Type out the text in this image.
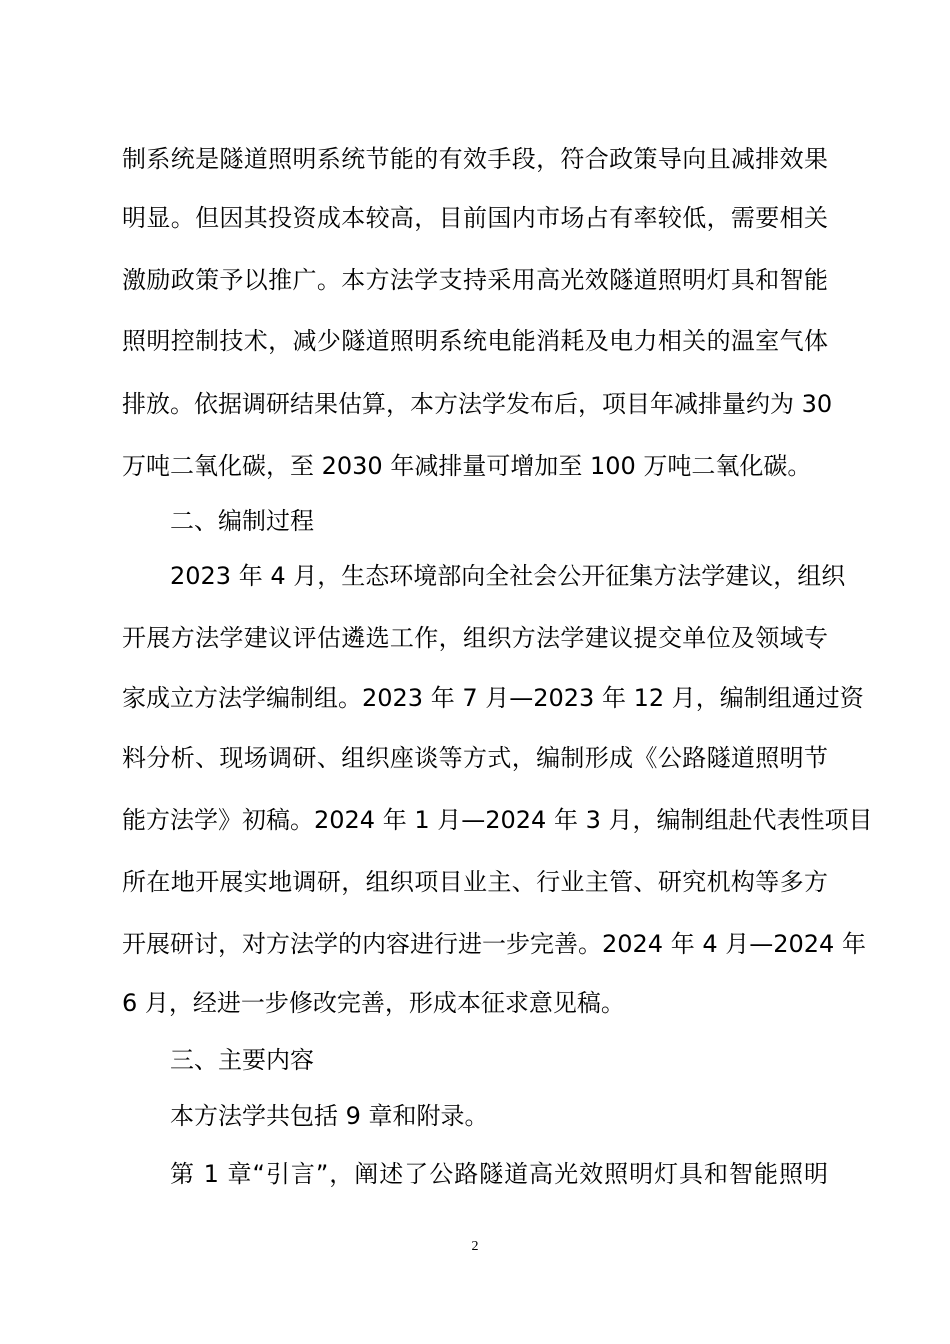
制系统是隧道照明系统节能的有效手段，符合政策导向且减排效果
明显。但因其投资成本较高，目前国内市场占有率较低，需要相关
激励政策予以推广。本方法学支持采用高光效隧道照明灯具和智能
照明控制技术，减少隧道照明系统电能消耗及电力相关的温室气体
排放。依据调研结果估算，本方法学发布后，项目年减排量约为 30
万吨二氧化碳，至 2030 年减排量可增加至 100 万吨二氧化碳。
二、编制过程
2023 年 4 月，生态环境部向全社会公开征集方法学建议，组织
开展方法学建议评估遴选工作，组织方法学建议提交单位及领域专
家成立方法学编制组。2023 年 7 月—2023 年 12 月，编制组通过资
料分析、现场调研、组织座谈等方式，编制形成《公路隧道照明节
能方法学》初稿。2024 年 1 月—2024 年 3 月，编制组赴代表性项目
所在地开展实地调研，组织项目业主、行业主管、研究机构等多方
开展研讨，对方法学的内容进行进一步完善。2024 年 4 月—2024 年
6 月，经进一步修改完善，形成本征求意见稿。
三、主要内容
本方法学共包括 9 章和附录。
第 1 章“引言”，阐述了公路隧道高光效照明灯具和智能照明
2
